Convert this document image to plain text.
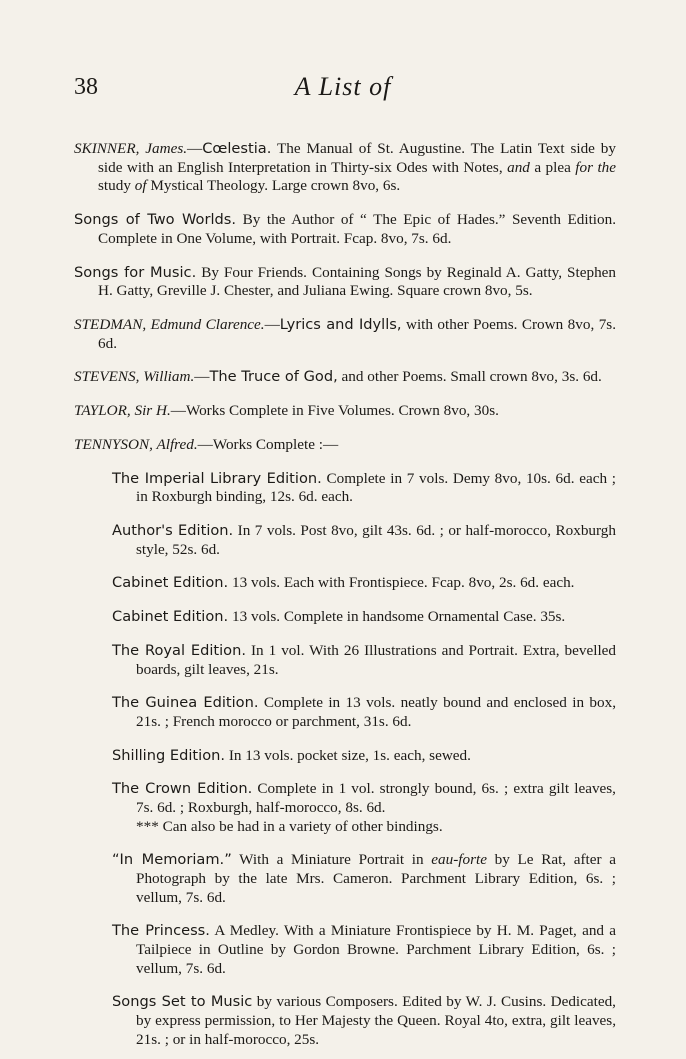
38	A List of

SKINNER, James.—Cœlestia. The Manual of St. Augustine. The Latin Text side by side with an English Interpretation in Thirty-six Odes with Notes, and a plea for the study of Mystical Theology. Large crown 8vo, 6s.

Songs of Two Worlds. By the Author of “ The Epic of Hades.” Seventh Edition. Complete in One Volume, with Portrait. Fcap. 8vo, 7s. 6d.

Songs for Music. By Four Friends. Containing Songs by Reginald A. Gatty, Stephen H. Gatty, Greville J. Chester, and Juliana Ewing. Square crown 8vo, 5s.

STEDMAN, Edmund Clarence.—Lyrics and Idylls, with other Poems. Crown 8vo, 7s. 6d.

STEVENS, William.—The Truce of God, and other Poems. Small crown 8vo, 3s. 6d.

TAYLOR, Sir H.—Works Complete in Five Volumes. Crown 8vo, 30s.

TENNYSON, Alfred.—Works Complete :—

The Imperial Library Edition. Complete in 7 vols. Demy 8vo, 10s. 6d. each ; in Roxburgh binding, 12s. 6d. each.

Author's Edition. In 7 vols. Post 8vo, gilt 43s. 6d. ; or half-morocco, Roxburgh style, 52s. 6d.

Cabinet Edition. 13 vols. Each with Frontispiece. Fcap. 8vo, 2s. 6d. each.

Cabinet Edition. 13 vols. Complete in handsome Ornamental Case. 35s.

The Royal Edition. In 1 vol. With 26 Illustrations and Portrait. Extra, bevelled boards, gilt leaves, 21s.

The Guinea Edition. Complete in 13 vols. neatly bound and enclosed in box, 21s. ; French morocco or parchment, 31s. 6d.

Shilling Edition. In 13 vols. pocket size, 1s. each, sewed.

The Crown Edition. Complete in 1 vol. strongly bound, 6s. ; extra gilt leaves, 7s. 6d. ; Roxburgh, half-morocco, 8s. 6d.
*⁣*⁣* Can also be had in a variety of other bindings.

“In Memoriam.” With a Miniature Portrait in eau-forte by Le Rat, after a Photograph by the late Mrs. Cameron. Parchment Library Edition, 6s. ; vellum, 7s. 6d.

The Princess. A Medley. With a Miniature Frontispiece by H. M. Paget, and a Tailpiece in Outline by Gordon Browne. Parchment Library Edition, 6s. ; vellum, 7s. 6d.

Songs Set to Music by various Composers. Edited by W. J. Cusins. Dedicated, by express permission, to Her Majesty the Queen. Royal 4to, extra, gilt leaves, 21s. ; or in half-morocco, 25s.
